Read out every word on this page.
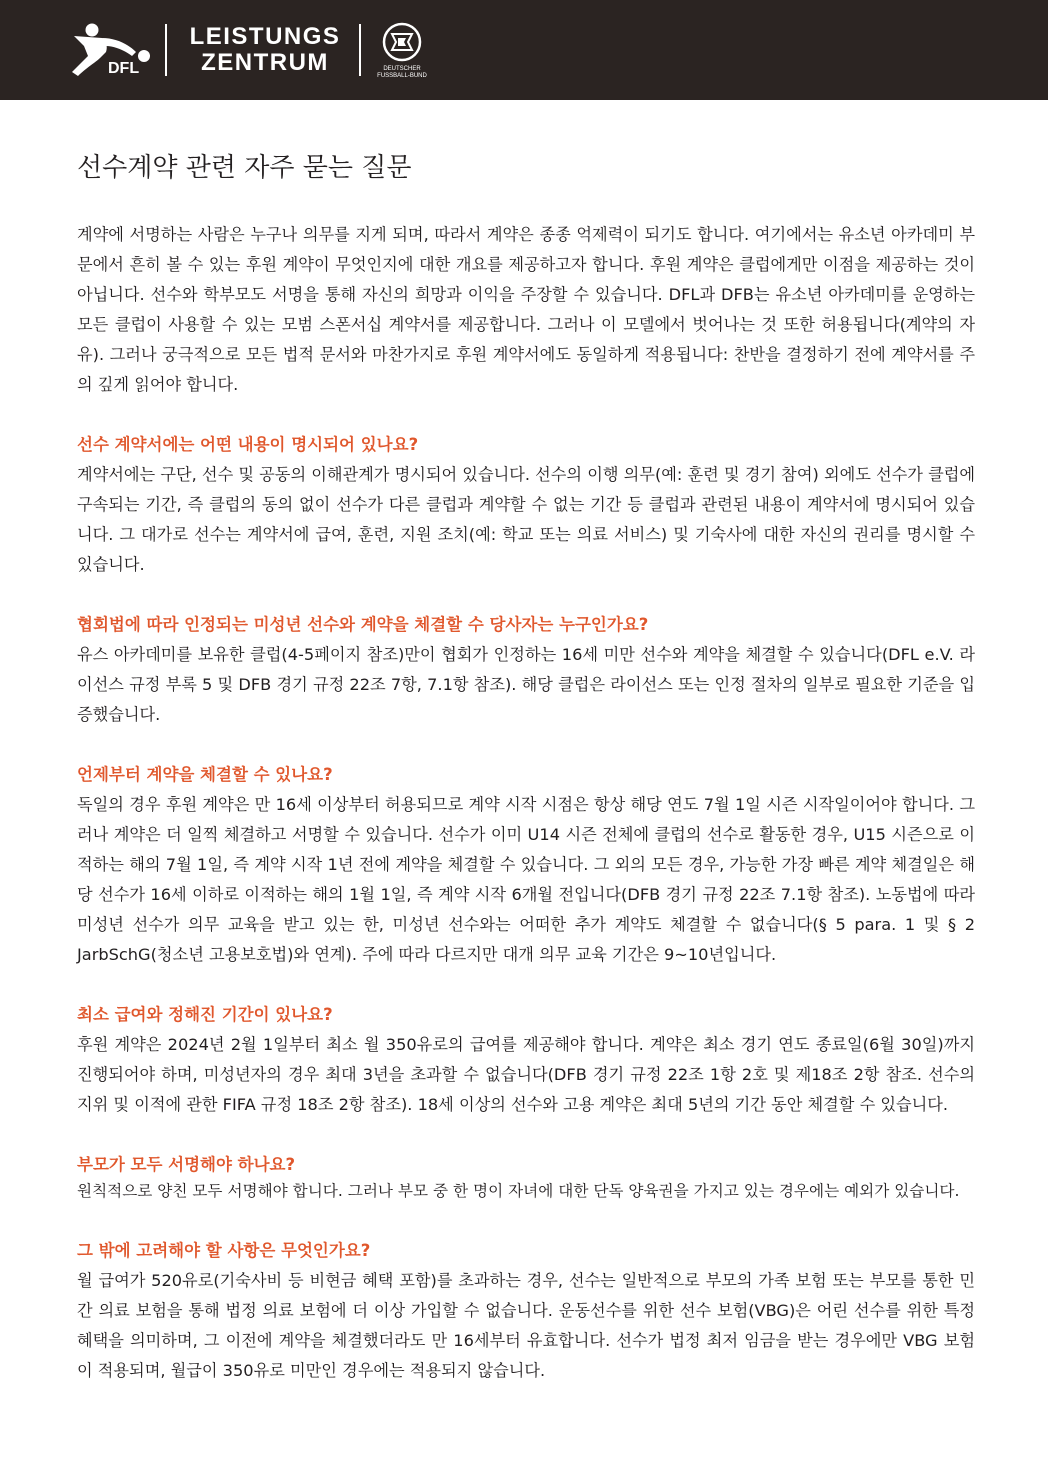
DFL
LEISTUNGS
ZENTRUM	DEUTSCHER
FUSSBALL-BUND
선수계약 관련 자주 묻는 질문

계약에 서명하는 사람은 누구나 의무를 지게 되며, 따라서 계약은 종종 억제력이 되기도 합니다. 여기에서는 유소년 아카데미 부문에서 흔히 볼 수 있는 후원 계약이 무엇인지에 대한 개요를 제공하고자 합니다. 후원 계약은 클럽에게만 이점을 제공하는 것이 아닙니다. 선수와 학부모도 서명을 통해 자신의 희망과 이익을 주장할 수 있습니다. DFL과 DFB는 유소년 아카데미를 운영하는 모든 클럽이 사용할 수 있는 모범 스폰서십 계약서를 제공합니다. 그러나 이 모델에서 벗어나는 것 또한 허용됩니다(계약의 자유). 그러나 궁극적으로 모든 법적 문서와 마찬가지로 후원 계약서에도 동일하게 적용됩니다: 찬반을 결정하기 전에 계약서를 주의 깊게 읽어야 합니다.

선수 계약서에는 어떤 내용이 명시되어 있나요?

계약서에는 구단, 선수 및 공동의 이해관계가 명시되어 있습니다. 선수의 이행 의무(예: 훈련 및 경기 참여) 외에도 선수가 클럽에 구속되는 기간, 즉 클럽의 동의 없이 선수가 다른 클럽과 계약할 수 없는 기간 등 클럽과 관련된 내용이 계약서에 명시되어 있습니다. 그 대가로 선수는 계약서에 급여, 훈련, 지원 조치(예: 학교 또는 의료 서비스) 및 기숙사에 대한 자신의 권리를 명시할 수 있습니다.

협회법에 따라 인정되는 미성년 선수와 계약을 체결할 수 당사자는 누구인가요?

유스 아카데미를 보유한 클럽(4-5페이지 참조)만이 협회가 인정하는 16세 미만 선수와 계약을 체결할 수 있습니다(DFL e.V. 라이선스 규정 부록 5 및 DFB 경기 규정 22조 7항, 7.1항 참조). 해당 클럽은 라이선스 또는 인정 절차의 일부로 필요한 기준을 입증했습니다.

언제부터 계약을 체결할 수 있나요?

독일의 경우 후원 계약은 만 16세 이상부터 허용되므로 계약 시작 시점은 항상 해당 연도 7월 1일 시즌 시작일이어야 합니다. 그러나 계약은 더 일찍 체결하고 서명할 수 있습니다. 선수가 이미 U14 시즌 전체에 클럽의 선수로 활동한 경우, U15 시즌으로 이적하는 해의 7월 1일, 즉 계약 시작 1년 전에 계약을 체결할 수 있습니다. 그 외의 모든 경우, 가능한 가장 빠른 계약 체결일은 해당 선수가 16세 이하로 이적하는 해의 1월 1일, 즉 계약 시작 6개월 전입니다(DFB 경기 규정 22조 7.1항 참조). 노동법에 따라 미성년 선수가 의무 교육을 받고 있는 한, 미성년 선수와는 어떠한 추가 계약도 체결할 수 없습니다(§ 5 para. 1 및 § 2 JarbSchG(청소년 고용보호법)와 연계). 주에 따라 다르지만 대개 의무 교육 기간은 9~10년입니다.

최소 급여와 정해진 기간이 있나요?

후원 계약은 2024년 2월 1일부터 최소 월 350유로의 급여를 제공해야 합니다. 계약은 최소 경기 연도 종료일(6월 30일)까지 진행되어야 하며, 미성년자의 경우 최대 3년을 초과할 수 없습니다(DFB 경기 규정 22조 1항 2호 및 제18조 2항 참조. 선수의 지위 및 이적에 관한 FIFA 규정 18조 2항 참조). 18세 이상의 선수와 고용 계약은 최대 5년의 기간 동안 체결할 수 있습니다.

부모가 모두 서명해야 하나요?

원칙적으로 양친 모두 서명해야 합니다. 그러나 부모 중 한 명이 자녀에 대한 단독 양육권을 가지고 있는 경우에는 예외가 있습니다.

그 밖에 고려해야 할 사항은 무엇인가요?

월 급여가 520유로(기숙사비 등 비현금 혜택 포함)를 초과하는 경우, 선수는 일반적으로 부모의 가족 보험 또는 부모를 통한 민간 의료 보험을 통해 법정 의료 보험에 더 이상 가입할 수 없습니다. 운동선수를 위한 선수 보험(VBG)은 어린 선수를 위한 특정 혜택을 의미하며, 그 이전에 계약을 체결했더라도 만 16세부터 유효합니다. 선수가 법정 최저 임금을 받는 경우에만 VBG 보험이 적용되며, 월급이 350유로 미만인 경우에는 적용되지 않습니다.
